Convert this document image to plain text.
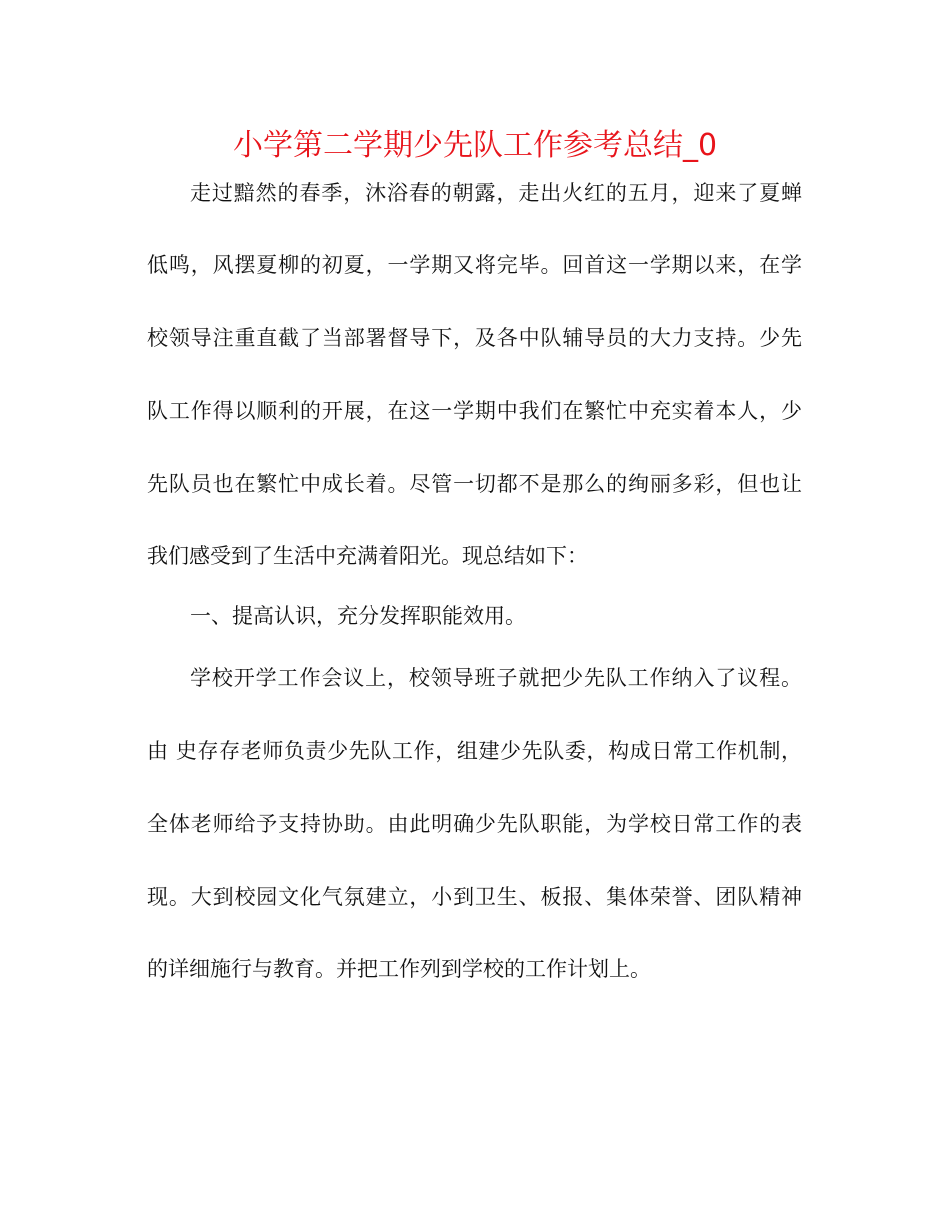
小学第二学期少先队工作参考总结_0
走过黯然的春季，沐浴春的朝露，走出火红的五月，迎来了夏蝉
低鸣，风摆夏柳的初夏，一学期又将完毕。回首这一学期以来，在学
校领导注重直截了当部署督导下，及各中队辅导员的大力支持。少先
队工作得以顺利的开展，在这一学期中我们在繁忙中充实着本人，少
先队员也在繁忙中成长着。尽管一切都不是那么的绚丽多彩，但也让
我们感受到了生活中充满着阳光。现总结如下：
一、提高认识，充分发挥职能效用。
学校开学工作会议上，校领导班子就把少先队工作纳入了议程。
由 史存存老师负责少先队工作，组建少先队委，构成日常工作机制，
全体老师给予支持协助。由此明确少先队职能，为学校日常工作的表
现。大到校园文化气氛建立，小到卫生、板报、集体荣誉、团队精神
的详细施行与教育。并把工作列到学校的工作计划上。
